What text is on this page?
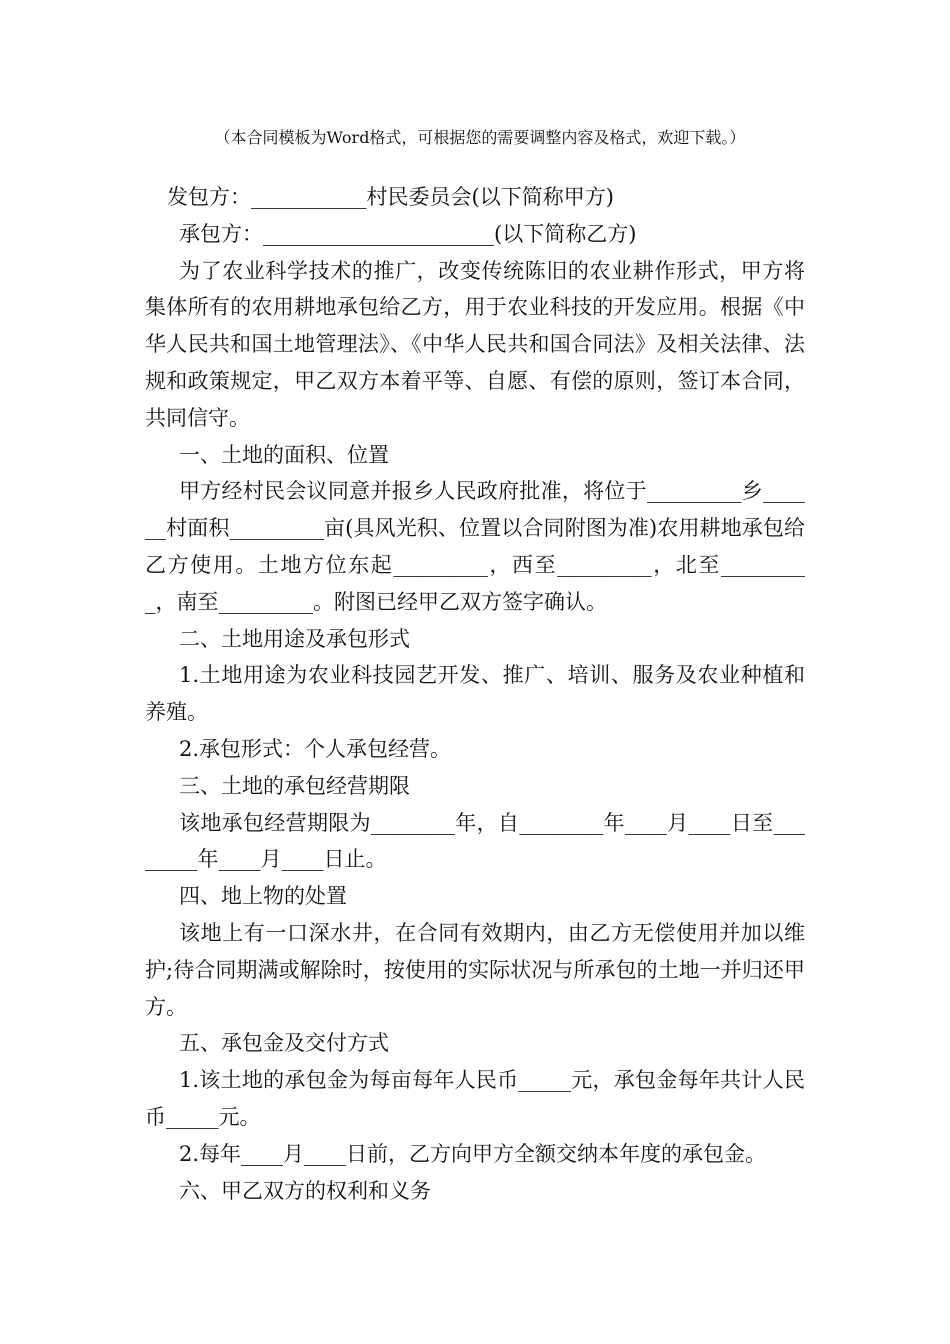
（本合同模板为Word格式，可根据您的需要调整内容及格式，欢迎下载。）

发包方：___________村民委员会(以下简称甲方)

承包方：______________________(以下简称乙方)

为了农业科学技术的推广，改变传统陈旧的农业耕作形式，甲方将集体所有的农用耕地承包给乙方，用于农业科技的开发应用。根据《中华人民共和国土地管理法》、《中华人民共和国合同法》及相关法律、法规和政策规定，甲乙双方本着平等、自愿、有偿的原则，签订本合同，共同信守。

一、土地的面积、位置

甲方经村民会议同意并报乡人民政府批准，将位于_________乡______村面积_________亩(具风光积、位置以合同附图为准)农用耕地承包给乙方使用。土地方位东起_________，西至_________，北至_________，南至_________。附图已经甲乙双方签字确认。

二、土地用途及承包形式

1.土地用途为农业科技园艺开发、推广、培训、服务及农业种植和养殖。

2.承包形式：个人承包经营。

三、土地的承包经营期限

该地承包经营期限为________年，自________年____月____日至________年____月____日止。

四、地上物的处置

该地上有一口深水井，在合同有效期内，由乙方无偿使用并加以维护;待合同期满或解除时，按使用的实际状况与所承包的土地一并归还甲方。

五、承包金及交付方式

1.该土地的承包金为每亩每年人民币_____元，承包金每年共计人民币_____元。

2.每年____月____日前，乙方向甲方全额交纳本年度的承包金。

六、甲乙双方的权利和义务
